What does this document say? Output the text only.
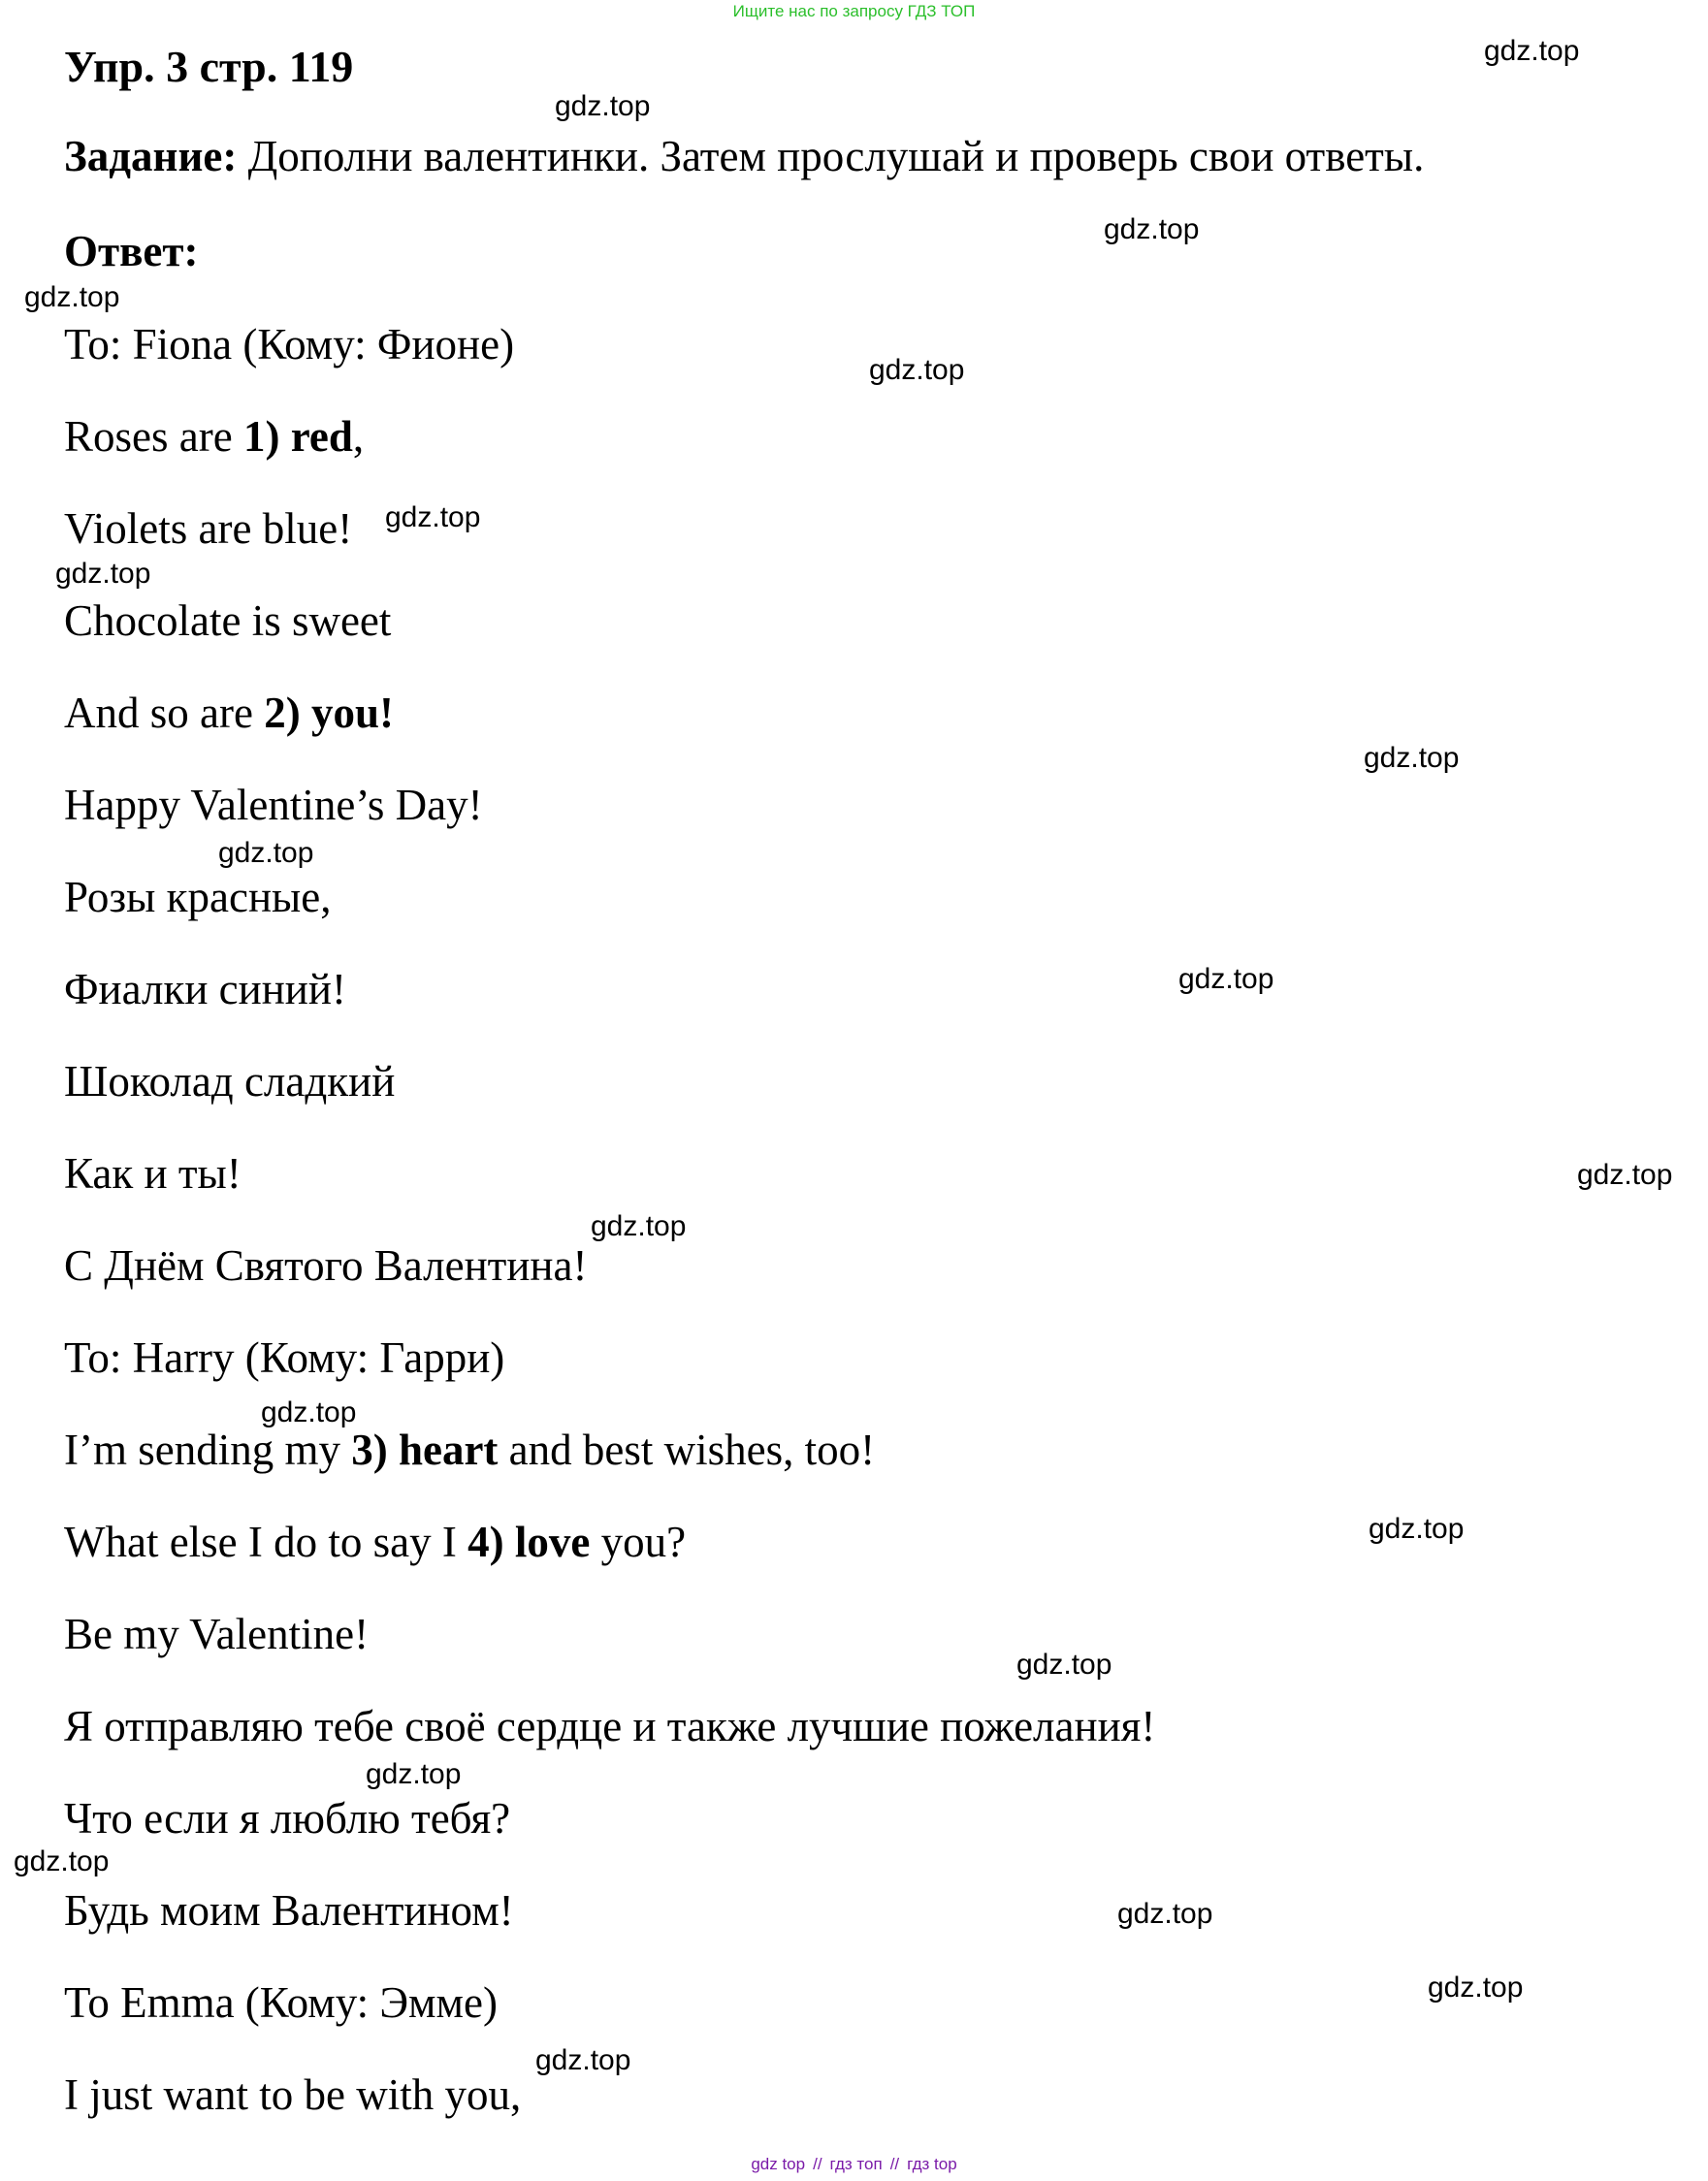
Ищите нас по запросу ГДЗ ТОП
Упр. 3 стр. 119
Задание: Дополни валентинки. Затем прослушай и проверь свои ответы.
Ответ:
To: Fiona (Кому: Фионе)
Roses are 1) red,
Violets are blue!
Chocolate is sweet
And so are 2) you!
Happy Valentine’s Day!
Розы красные,
Фиалки синий!
Шоколад сладкий
Как и ты!
С Днём Святого Валентина!
To: Harry (Кому: Гарри)
I’m sending my 3) heart and best wishes, too!
What else I do to say I 4) love you?
Be my Valentine!
Я отправляю тебе своё сердце и также лучшие пожелания!
Что если я люблю тебя?
Будь моим Валентином!
To Emma (Кому: Эмме)
I just want to be with you,
gdz.top
gdz.top
gdz.top
gdz.top
gdz.top
gdz.top
gdz.top
gdz.top
gdz.top
gdz.top
gdz.top
gdz.top
gdz.top
gdz.top
gdz.top
gdz.top
gdz.top
gdz.top
gdz.top
gdz.top
gdz top // гдз топ // гдз top
